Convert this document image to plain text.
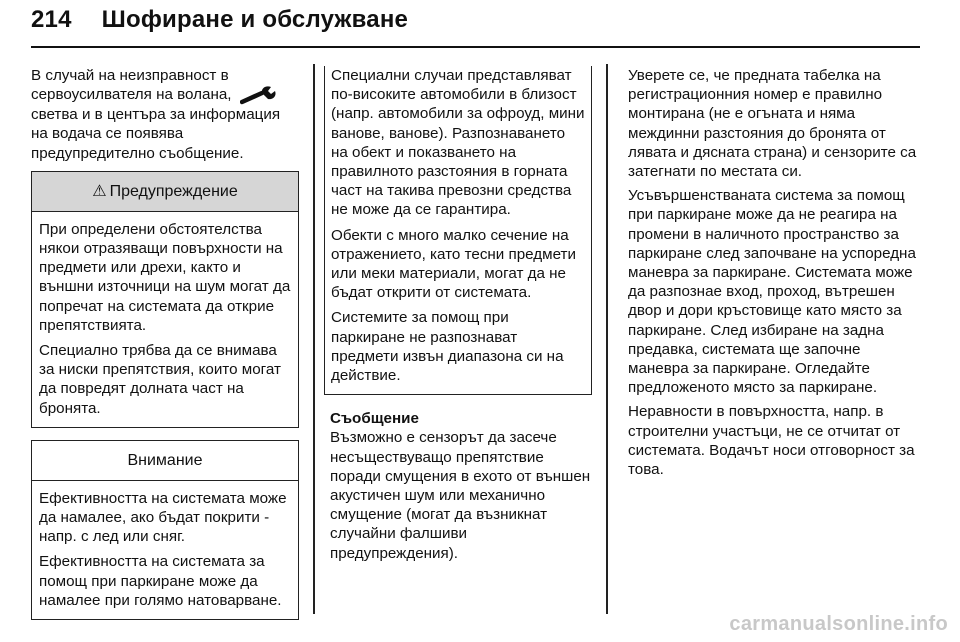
214 Шофиране и обслужване

В случай на неизправност в сервоусилвателя на волана,  светва и в центъра за информация на водача се появява предупредително съобщение.

⚠ Предупреждение

При определени обстоятелства някои отразяващи повърхности на предмети или дрехи, както и външни източници на шум могат да попречат на системата да открие препятствията.

Специално трябва да се внимава за ниски препятствия, които могат да повредят долната част на бронята.

Внимание

Ефективността на системата може да намалее, ако бъдат покрити - напр. с лед или сняг.

Ефективността на системата за помощ при паркиране може да намалее при голямо натоварване.

Специални случаи представляват по-високите автомобили в близост (напр. автомобили за офроуд, мини ванове, ванове). Разпознаването на обект и показването на правилното разстояния в горната част на такива превозни средства не може да се гарантира.

Обекти с много малко сечение на отражението, като тесни предмети или меки материали, могат да не бъдат открити от системата.

Системите за помощ при паркиране не разпознават предмети извън диапазона си на действие.

Съобщение

Възможно е сензорът да засече несъществуващо препятствие поради смущения в ехото от външен акустичен шум или механично смущение (могат да възникнат случайни фалшиви предупреждения).

Уверете се, че предната табелка на регистрационния номер е правилно монтирана (не е огъната и няма междинни разстояния до бронята от лявата и дясната страна) и сензорите са затегнати по местата си.

Усъвършенстваната система за помощ при паркиране може да не реагира на промени в наличното пространство за паркиране след започване на успоредна маневра за паркиране. Системата може да разпознае вход, проход, вътрешен двор и дори кръстовище като място за паркиране. След избиране на задна предавка, системата ще започне маневра за паркиране. Огледайте предложеното място за паркиране.

Неравности в повърхността, напр. в строителни участъци, не се отчитат от системата. Водачът носи отговорност за това.

carmanualsonline.info
